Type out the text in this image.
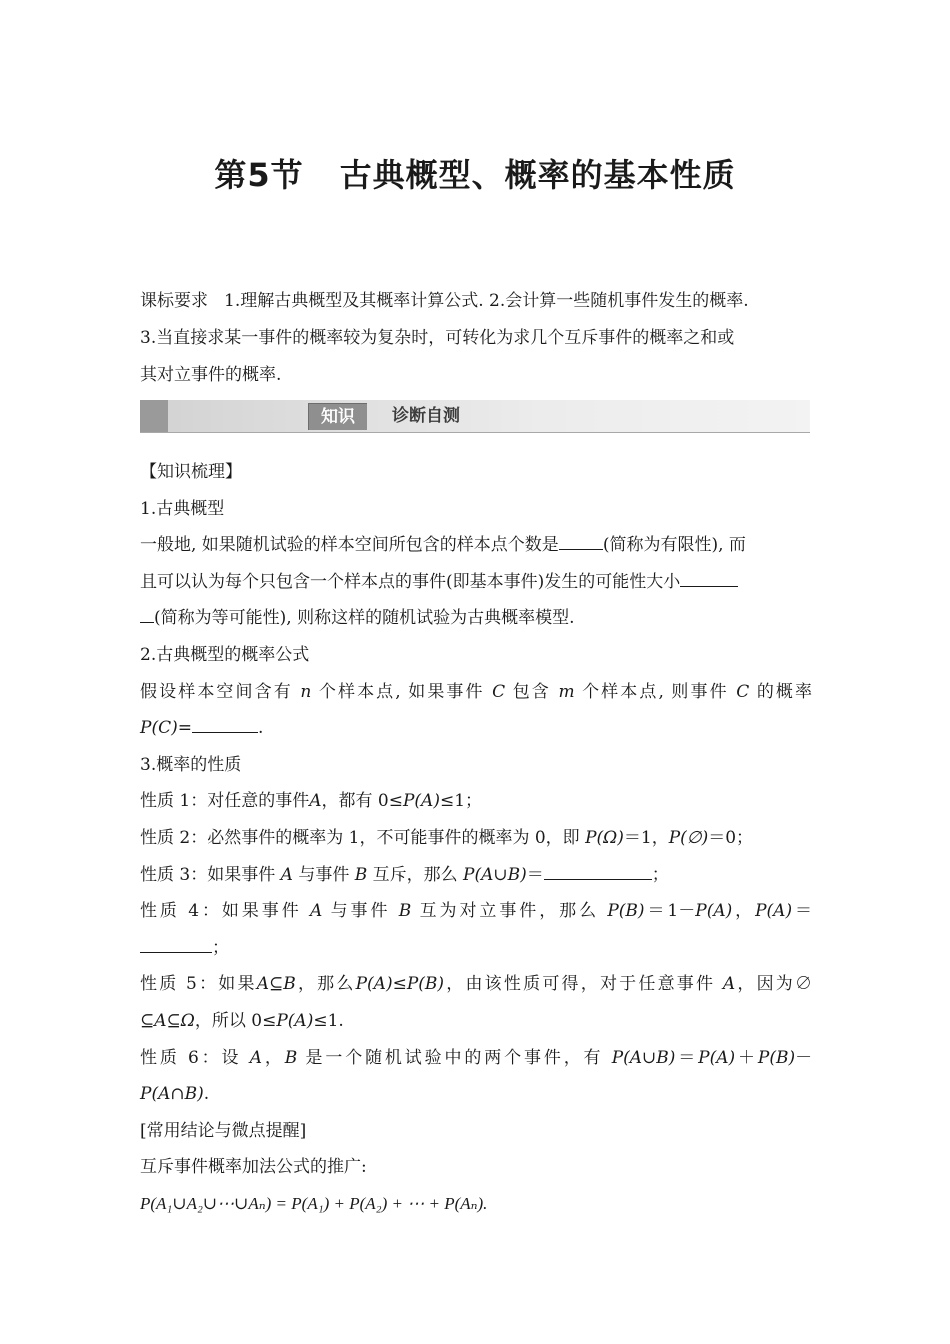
第5节 古典概型、概率的基本性质
课标要求 1.理解古典概型及其概率计算公式. 2.会计算一些随机事件发生的概率.
3.当直接求某一事件的概率较为复杂时，可转化为求几个互斥事件的概率之和或
其对立事件的概率.
知识	诊断自测

【知识梳理】

1.古典概型

一般地, 如果随机试验的样本空间所包含的样本点个数是	(简称为有限性), 而

且可以认为每个只包含一个样本点的事件(即基本事件)发生的可能性大小

(简称为等可能性), 则称这样的随机试验为古典概率模型.

2.古典概型的概率公式

假设样本空间含有 n 个样本点, 如果事件 C 包含 m 个样本点, 则事件 C 的概率

P(C)=	.

3.概率的性质

性质 1：对任意的事件A，都有 0≤P(A)≤1；

性质 2：必然事件的概率为 1，不可能事件的概率为 0，即 P(Ω)＝1，P(∅)＝0；

性质 3：如果事件 A 与事件 B 互斥，那么 P(A∪B)＝	；

性质 4：如果事件 A 与事件 B 互为对立事件，那么 P(B)＝1－P(A)，P(A)＝

；

性质 5：如果A⊆B，那么P(A)≤P(B)，由该性质可得，对于任意事件 A，因为∅

⊆A⊆Ω，所以 0≤P(A)≤1.

性质 6：设 A，B 是一个随机试验中的两个事件，有 P(A∪B)＝P(A)＋P(B)－

P(A∩B).

[常用结论与微点提醒]

互斥事件概率加法公式的推广:

P(A₁∪A₂∪⋯∪Aₙ) = P(A₁) + P(A₂) + ⋯ + P(Aₙ).
